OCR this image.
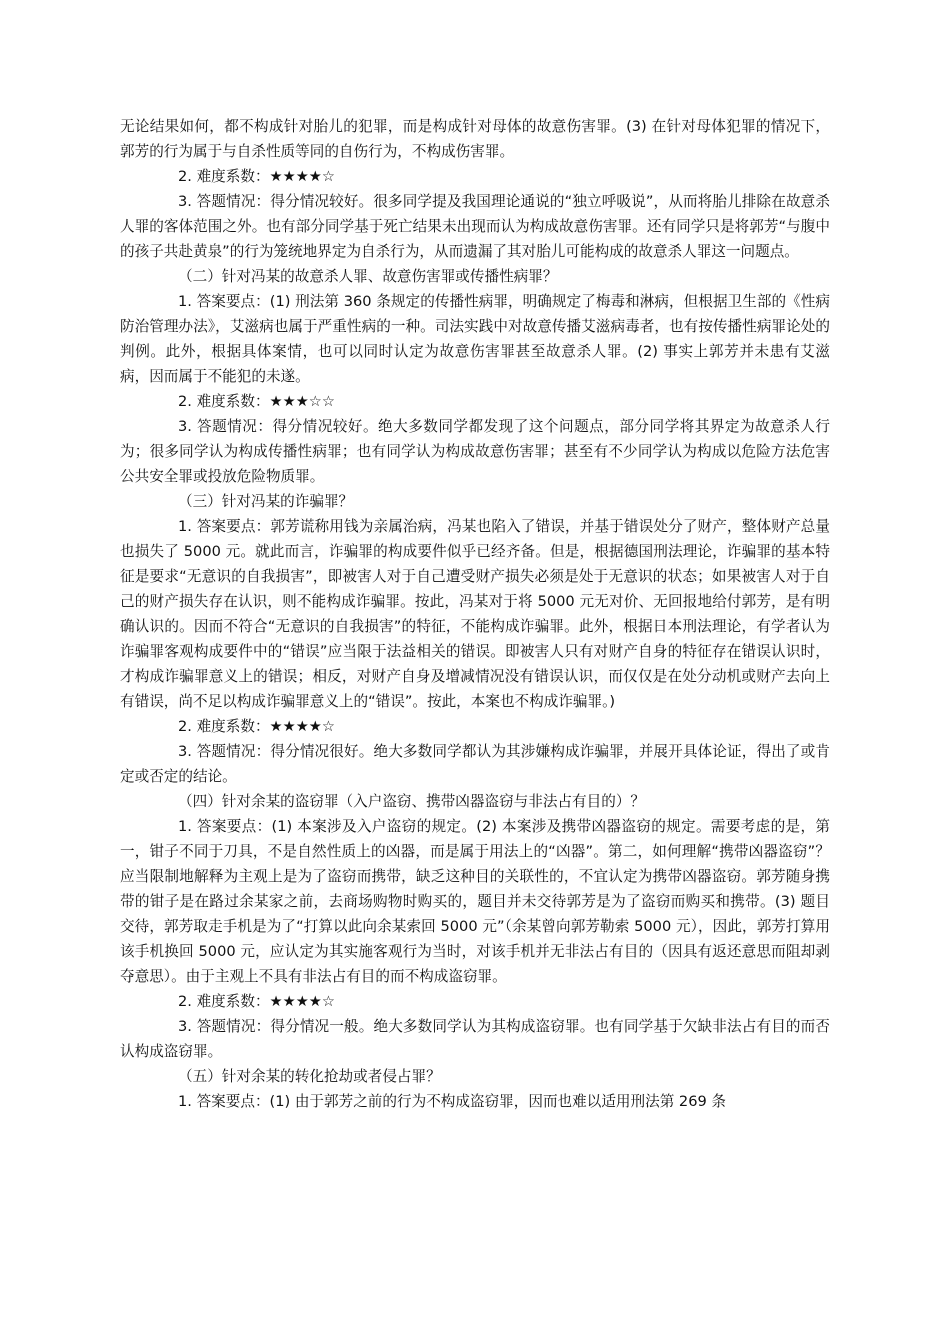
无论结果如何，都不构成针对胎儿的犯罪，而是构成针对母体的故意伤害罪。(3) 在针对母体犯罪的情况下，郭芳的行为属于与自杀性质等同的自伤行为，不构成伤害罪。

2. 难度系数：★★★★☆

3. 答题情况：得分情况较好。很多同学提及我国理论通说的“独立呼吸说”，从而将胎儿排除在故意杀人罪的客体范围之外。也有部分同学基于死亡结果未出现而认为构成故意伤害罪。还有同学只是将郭芳“与腹中的孩子共赴黄泉”的行为笼统地界定为自杀行为，从而遗漏了其对胎儿可能构成的故意杀人罪这一问题点。

（二）针对冯某的故意杀人罪、故意伤害罪或传播性病罪？

1. 答案要点：(1) 刑法第 360 条规定的传播性病罪，明确规定了梅毒和淋病，但根据卫生部的《性病防治管理办法》，艾滋病也属于严重性病的一种。司法实践中对故意传播艾滋病毒者，也有按传播性病罪论处的判例。此外，根据具体案情，也可以同时认定为故意伤害罪甚至故意杀人罪。(2) 事实上郭芳并未患有艾滋病，因而属于不能犯的未遂。

2. 难度系数：★★★☆☆

3. 答题情况：得分情况较好。绝大多数同学都发现了这个问题点，部分同学将其界定为故意杀人行为；很多同学认为构成传播性病罪；也有同学认为构成故意伤害罪；甚至有不少同学认为构成以危险方法危害公共安全罪或投放危险物质罪。

（三）针对冯某的诈骗罪？

1. 答案要点：郭芳谎称用钱为亲属治病，冯某也陷入了错误，并基于错误处分了财产，整体财产总量也损失了 5000 元。就此而言，诈骗罪的构成要件似乎已经齐备。但是，根据德国刑法理论，诈骗罪的基本特征是要求“无意识的自我损害”，即被害人对于自己遭受财产损失必须是处于无意识的状态；如果被害人对于自己的财产损失存在认识，则不能构成诈骗罪。按此，冯某对于将 5000 元无对价、无回报地给付郭芳，是有明确认识的。因而不符合“无意识的自我损害”的特征，不能构成诈骗罪。此外，根据日本刑法理论，有学者认为诈骗罪客观构成要件中的“错误”应当限于法益相关的错误。即被害人只有对财产自身的特征存在错误认识时，才构成诈骗罪意义上的错误；相反，对财产自身及增减情况没有错误认识，而仅仅是在处分动机或财产去向上有错误，尚不足以构成诈骗罪意义上的“错误”。按此，本案也不构成诈骗罪。)

2. 难度系数：★★★★☆

3. 答题情况：得分情况很好。绝大多数同学都认为其涉嫌构成诈骗罪，并展开具体论证，得出了或肯定或否定的结论。

（四）针对余某的盗窃罪（入户盗窃、携带凶器盗窃与非法占有目的）？

1. 答案要点：(1) 本案涉及入户盗窃的规定。(2) 本案涉及携带凶器盗窃的规定。需要考虑的是，第一，钳子不同于刀具，不是自然性质上的凶器，而是属于用法上的“凶器”。第二，如何理解“携带凶器盗窃”？应当限制地解释为主观上是为了盗窃而携带，缺乏这种目的关联性的，不宜认定为携带凶器盗窃。郭芳随身携带的钳子是在路过余某家之前，去商场购物时购买的，题目并未交待郭芳是为了盗窃而购买和携带。(3) 题目交待，郭芳取走手机是为了“打算以此向余某索回 5000 元”（余某曾向郭芳勒索 5000 元），因此，郭芳打算用该手机换回 5000 元，应认定为其实施客观行为当时，对该手机并无非法占有目的（因具有返还意思而阻却剥夺意思）。由于主观上不具有非法占有目的而不构成盗窃罪。

2. 难度系数：★★★★☆

3. 答题情况：得分情况一般。绝大多数同学认为其构成盗窃罪。也有同学基于欠缺非法占有目的而否认构成盗窃罪。

（五）针对余某的转化抢劫或者侵占罪？

1. 答案要点：(1) 由于郭芳之前的行为不构成盗窃罪，因而也难以适用刑法第 269 条
